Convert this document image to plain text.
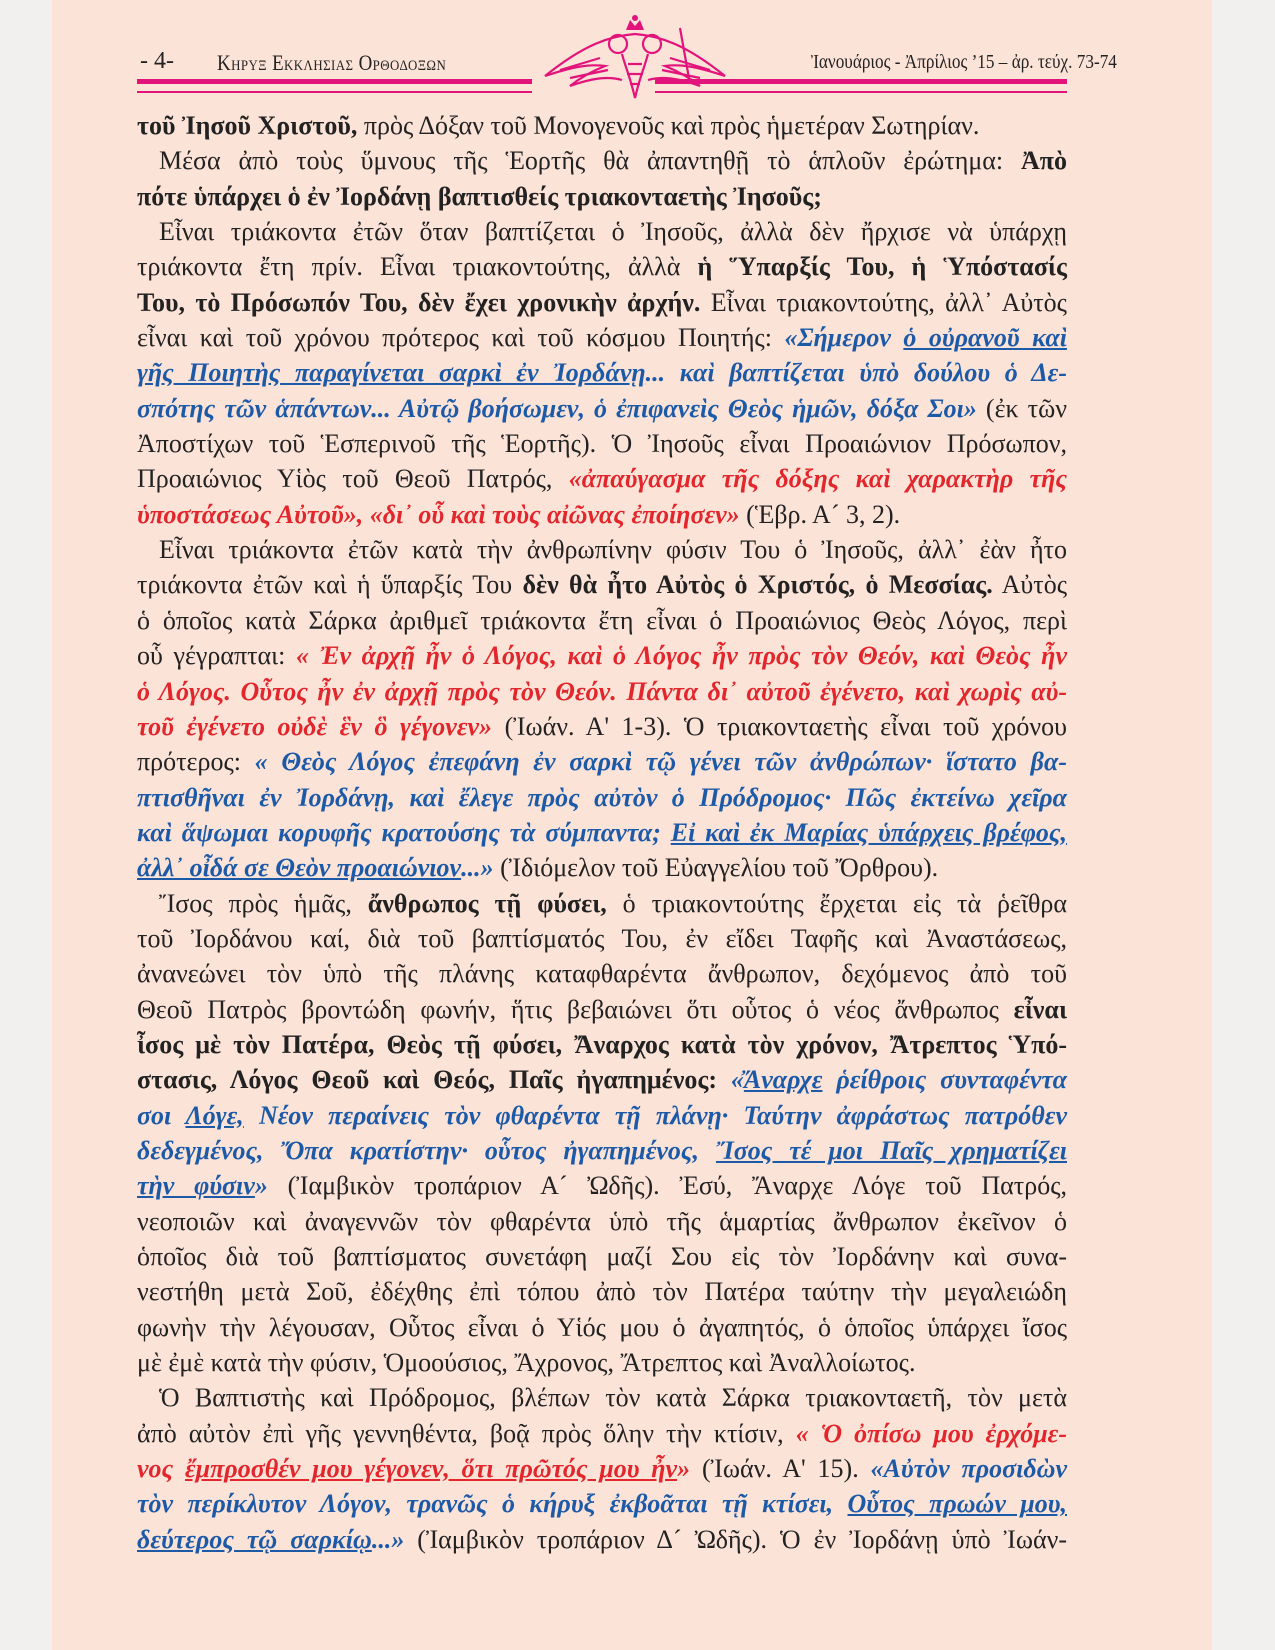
- 4- Κηρυξ Εκκλησιας Ορθοδοξων	Ἰανουάριος - Ἀπρίλιος ’15 – ἀρ. τεύχ. 73-74
τοῦ Ἰησοῦ Χριστοῦ, πρὸς Δόξαν τοῦ Μονογενοῦς καὶ πρὸς ἡμετέραν Σωτηρίαν.
Μέσα ἀπὸ τοὺς ὕμνους τῆς Ἑορτῆς θὰ ἀπαντηθῇ τὸ ἁπλοῦν ἐρώτημα: Ἀπὸ
πότε ὑπάρχει ὁ ἐν Ἰορδάνῃ βαπτισθείς τριακονταετὴς Ἰησοῦς;
Εἶναι τριάκοντα ἐτῶν ὅταν βαπτίζεται ὁ Ἰησοῦς, ἀλλὰ δὲν ἤρχισε νὰ ὑπάρχῃ
τριάκοντα ἔτη πρίν. Εἶναι τριακοντούτης, ἀλλὰ ἡ Ὕπαρξίς Του, ἡ Ὑπόστασίς
Του, τὸ Πρόσωπόν Του, δὲν ἔχει χρονικὴν ἀρχήν. Εἶναι τριακοντούτης, ἀλλ᾽ Αὐτὸς
εἶναι καὶ τοῦ χρόνου πρότερος καὶ τοῦ κόσμου Ποιητής: «Σήμερον ὁ οὐρανοῦ καὶ
γῆς Ποιητὴς παραγίνεται σαρκὶ ἐν Ἰορδάνῃ... καὶ βαπτίζεται ὑπὸ δούλου ὁ Δε-
σπότης τῶν ἁπάντων... Αὐτῷ βοήσωμεν, ὁ ἐπιφανεὶς Θεὸς ἡμῶν, δόξα Σοι» (ἐκ τῶν
Ἀποστίχων τοῦ Ἑσπερινοῦ τῆς Ἑορτῆς). Ὁ Ἰησοῦς εἶναι Προαιώνιον Πρόσωπον,
Προαιώνιος Υἱὸς τοῦ Θεοῦ Πατρός, «ἀπαύγασμα τῆς δόξης καὶ χαρακτὴρ τῆς
ὑποστάσεως Αὐτοῦ», «δι᾽ οὗ καὶ τοὺς αἰῶνας ἐποίησεν» (Ἑβρ. Α´ 3, 2).
Εἶναι τριάκοντα ἐτῶν κατὰ τὴν ἀνθρωπίνην φύσιν Του ὁ Ἰησοῦς, ἀλλ᾽ ἐὰν ἦτο
τριάκοντα ἐτῶν καὶ ἡ ὕπαρξίς Του δὲν θὰ ἦτο Αὐτὸς ὁ Χριστός, ὁ Μεσσίας. Αὐτὸς
ὁ ὁποῖος κατὰ Σάρκα ἀριθμεῖ τριάκοντα ἔτη εἶναι ὁ Προαιώνιος Θεὸς Λόγος, περὶ
οὗ γέγραπται: « Ἐν ἀρχῇ ἦν ὁ Λόγος, καὶ ὁ Λόγος ἦν πρὸς τὸν Θεόν, καὶ Θεὸς ἦν
ὁ Λόγος. Οὗτος ἦν ἐν ἀρχῇ πρὸς τὸν Θεόν. Πάντα δι᾽ αὐτοῦ ἐγένετο, καὶ χωρὶς αὐ-
τοῦ ἐγένετο οὐδὲ ἓν ὃ γέγονεν» (Ἰωάν. Α' 1-3). Ὁ τριακονταετὴς εἶναι τοῦ χρόνου
πρότερος: « Θεὸς Λόγος ἐπεφάνη ἐν σαρκὶ τῷ γένει τῶν ἀνθρώπων· ἵστατο βα-
πτισθῆναι ἐν Ἰορδάνῃ, καὶ ἔλεγε πρὸς αὐτὸν ὁ Πρόδρομος· Πῶς ἐκτείνω χεῖρα
καὶ ἅψωμαι κορυφῆς κρατούσης τὰ σύμπαντα; Εἰ καὶ ἐκ Μαρίας ὑπάρχεις βρέφος,
ἀλλ᾽ οἶδά σε Θεὸν προαιώνιον...» (Ἰδιόμελον τοῦ Εὐαγγελίου τοῦ Ὄρθρου).
Ἴσος πρὸς ἡμᾶς, ἄνθρωπος τῇ φύσει, ὁ τριακοντούτης ἔρχεται εἰς τὰ ῥεῖθρα
τοῦ Ἰορδάνου καί, διὰ τοῦ βαπτίσματός Του, ἐν εἴδει Ταφῆς καὶ Ἀναστάσεως,
ἀνανεώνει τὸν ὑπὸ τῆς πλάνης καταφθαρέντα ἄνθρωπον, δεχόμενος ἀπὸ τοῦ
Θεοῦ Πατρὸς βροντώδη φωνήν, ἥτις βεβαιώνει ὅτι οὗτος ὁ νέος ἄνθρωπος εἶναι
ἶσος μὲ τὸν Πατέρα, Θεὸς τῇ φύσει, Ἄναρχος κατὰ τὸν χρόνον, Ἄτρεπτος Ὑπό-
στασις, Λόγος Θεοῦ καὶ Θεός, Παῖς ἠγαπημένος: «Ἄναρχε ῥείθροις συνταφέντα
σοι Λόγε, Νέον περαίνεις τὸν φθαρέντα τῇ πλάνῃ· Ταύτην ἀφράστως πατρόθεν
δεδεγμένος, Ὄπα κρατίστην· οὗτος ἠγαπημένος, Ἴσος τέ μοι Παῖς χρηματίζει
τὴν φύσιν» (Ἰαμβικὸν τροπάριον Α´ Ὠδῆς). Ἐσύ, Ἄναρχε Λόγε τοῦ Πατρός,
νεοποιῶν καὶ ἀναγεννῶν τὸν φθαρέντα ὑπὸ τῆς ἁμαρτίας ἄνθρωπον ἐκεῖνον ὁ
ὁποῖος διὰ τοῦ βαπτίσματος συνετάφη μαζί Σου εἰς τὸν Ἰορδάνην καὶ συνα-
νεστήθη μετὰ Σοῦ, ἐδέχθης ἐπὶ τόπου ἀπὸ τὸν Πατέρα ταύτην τὴν μεγαλειώδη
φωνὴν τὴν λέγουσαν, Οὗτος εἶναι ὁ Υἱός μου ὁ ἀγαπητός, ὁ ὁποῖος ὑπάρχει ἴσος
μὲ ἐμὲ κατὰ τὴν φύσιν, Ὁμοούσιος, Ἄχρονος, Ἄτρεπτος καὶ Ἀναλλοίωτος.
Ὁ Βαπτιστὴς καὶ Πρόδρομος, βλέπων τὸν κατὰ Σάρκα τριακονταετῆ, τὸν μετὰ
ἀπὸ αὐτὸν ἐπὶ γῆς γεννηθέντα, βοᾷ πρὸς ὅλην τὴν κτίσιν, « Ὁ ὀπίσω μου ἐρχόμε-
νος ἔμπροσθέν μου γέγονεν, ὅτι πρῶτός μου ἦν» (Ἰωάν. Α' 15). «Αὐτὸν προσιδὼν
τὸν περίκλυτον Λόγον, τρανῶς ὁ κήρυξ ἐκβοᾶται τῇ κτίσει, Οὗτος πρωών μου,
δεύτερος τῷ σαρκίῳ...» (Ἰαμβικὸν τροπάριον Δ´ Ὠδῆς). Ὁ ἐν Ἰορδάνῃ ὑπὸ Ἰωάν-
